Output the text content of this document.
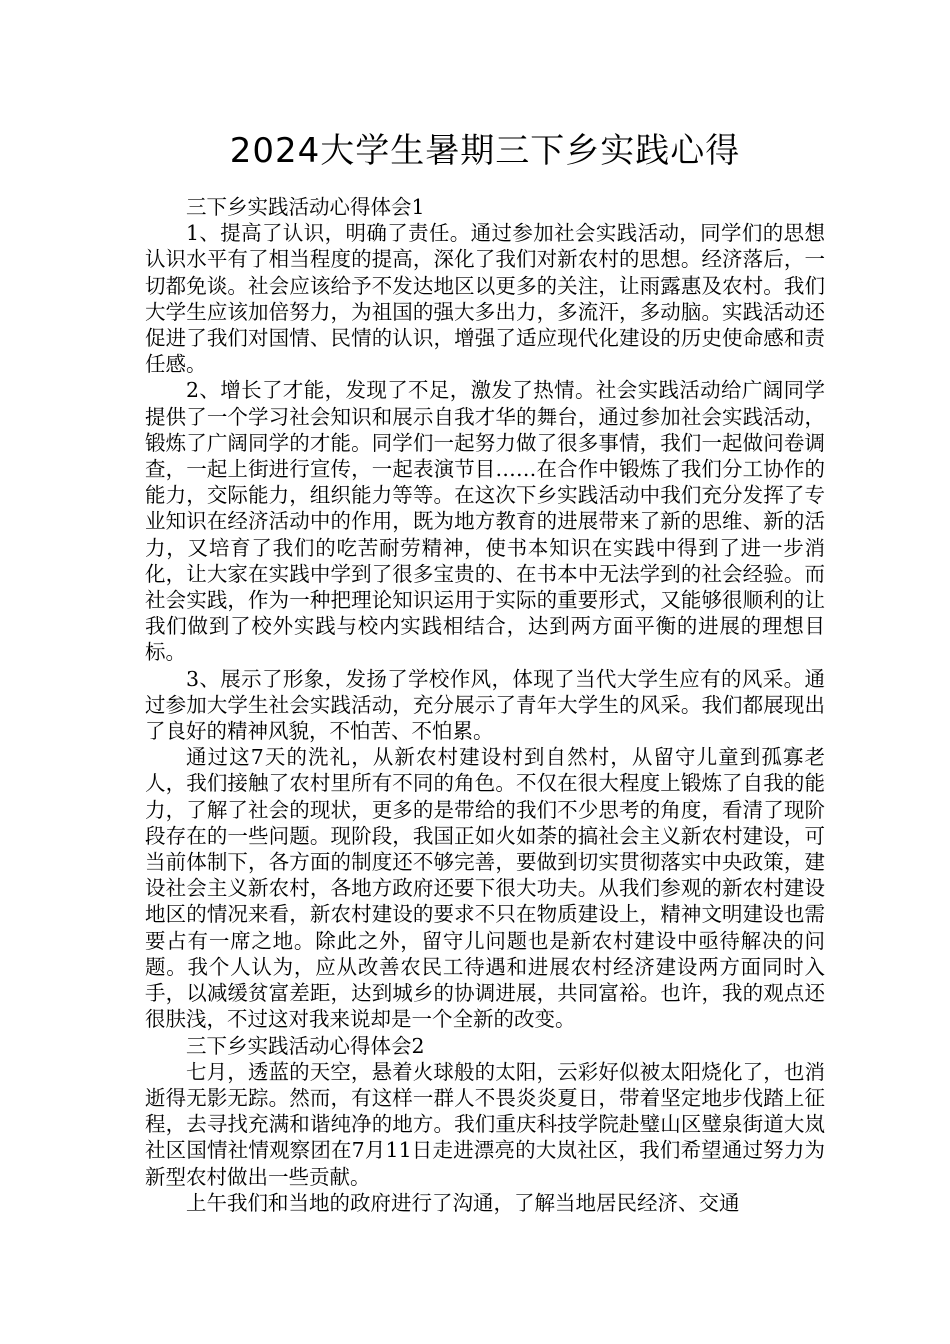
2024大学生暑期三下乡实践心得

三下乡实践活动心得体会1

1、提高了认识，明确了责任。通过参加社会实践活动，同学们的思想认识水平有了相当程度的提高，深化了我们对新农村的思想。经济落后，一切都免谈。社会应该给予不发达地区以更多的关注，让雨露惠及农村。我们大学生应该加倍努力，为祖国的强大多出力，多流汗，多动脑。实践活动还促进了我们对国情、民情的认识，增强了适应现代化建设的历史使命感和责任感。

2、增长了才能，发现了不足，激发了热情。社会实践活动给广阔同学提供了一个学习社会知识和展示自我才华的舞台，通过参加社会实践活动，锻炼了广阔同学的才能。同学们一起努力做了很多事情，我们一起做问卷调查，一起上街进行宣传，一起表演节目……在合作中锻炼了我们分工协作的能力，交际能力，组织能力等等。在这次下乡实践活动中我们充分发挥了专业知识在经济活动中的作用，既为地方教育的进展带来了新的思维、新的活力，又培育了我们的吃苦耐劳精神，使书本知识在实践中得到了进一步消化，让大家在实践中学到了很多宝贵的、在书本中无法学到的社会经验。而社会实践，作为一种把理论知识运用于实际的重要形式，又能够很顺利的让我们做到了校外实践与校内实践相结合，达到两方面平衡的进展的理想目标。

3、展示了形象，发扬了学校作风，体现了当代大学生应有的风采。通过参加大学生社会实践活动，充分展示了青年大学生的风采。我们都展现出了良好的精神风貌，不怕苦、不怕累。

通过这7天的洗礼，从新农村建设村到自然村，从留守儿童到孤寡老人，我们接触了农村里所有不同的角色。不仅在很大程度上锻炼了自我的能力，了解了社会的现状，更多的是带给的我们不少思考的角度，看清了现阶段存在的一些问题。现阶段，我国正如火如荼的搞社会主义新农村建设，可当前体制下，各方面的制度还不够完善，要做到切实贯彻落实中央政策，建设社会主义新农村，各地方政府还要下很大功夫。从我们参观的新农村建设地区的情况来看，新农村建设的要求不只在物质建设上，精神文明建设也需要占有一席之地。除此之外，留守儿问题也是新农村建设中亟待解决的问题。我个人认为，应从改善农民工待遇和进展农村经济建设两方面同时入手，以减缓贫富差距，达到城乡的协调进展，共同富裕。也许，我的观点还很肤浅，不过这对我来说却是一个全新的改变。

三下乡实践活动心得体会2

七月，透蓝的天空，悬着火球般的太阳，云彩好似被太阳烧化了，也消逝得无影无踪。然而，有这样一群人不畏炎炎夏日，带着坚定地步伐踏上征程，去寻找充满和谐纯净的地方。我们重庆科技学院赴璧山区璧泉街道大岚社区国情社情观察团在7月11日走进漂亮的大岚社区，我们希望通过努力为新型农村做出一些贡献。

上午我们和当地的政府进行了沟通，了解当地居民经济、交通
